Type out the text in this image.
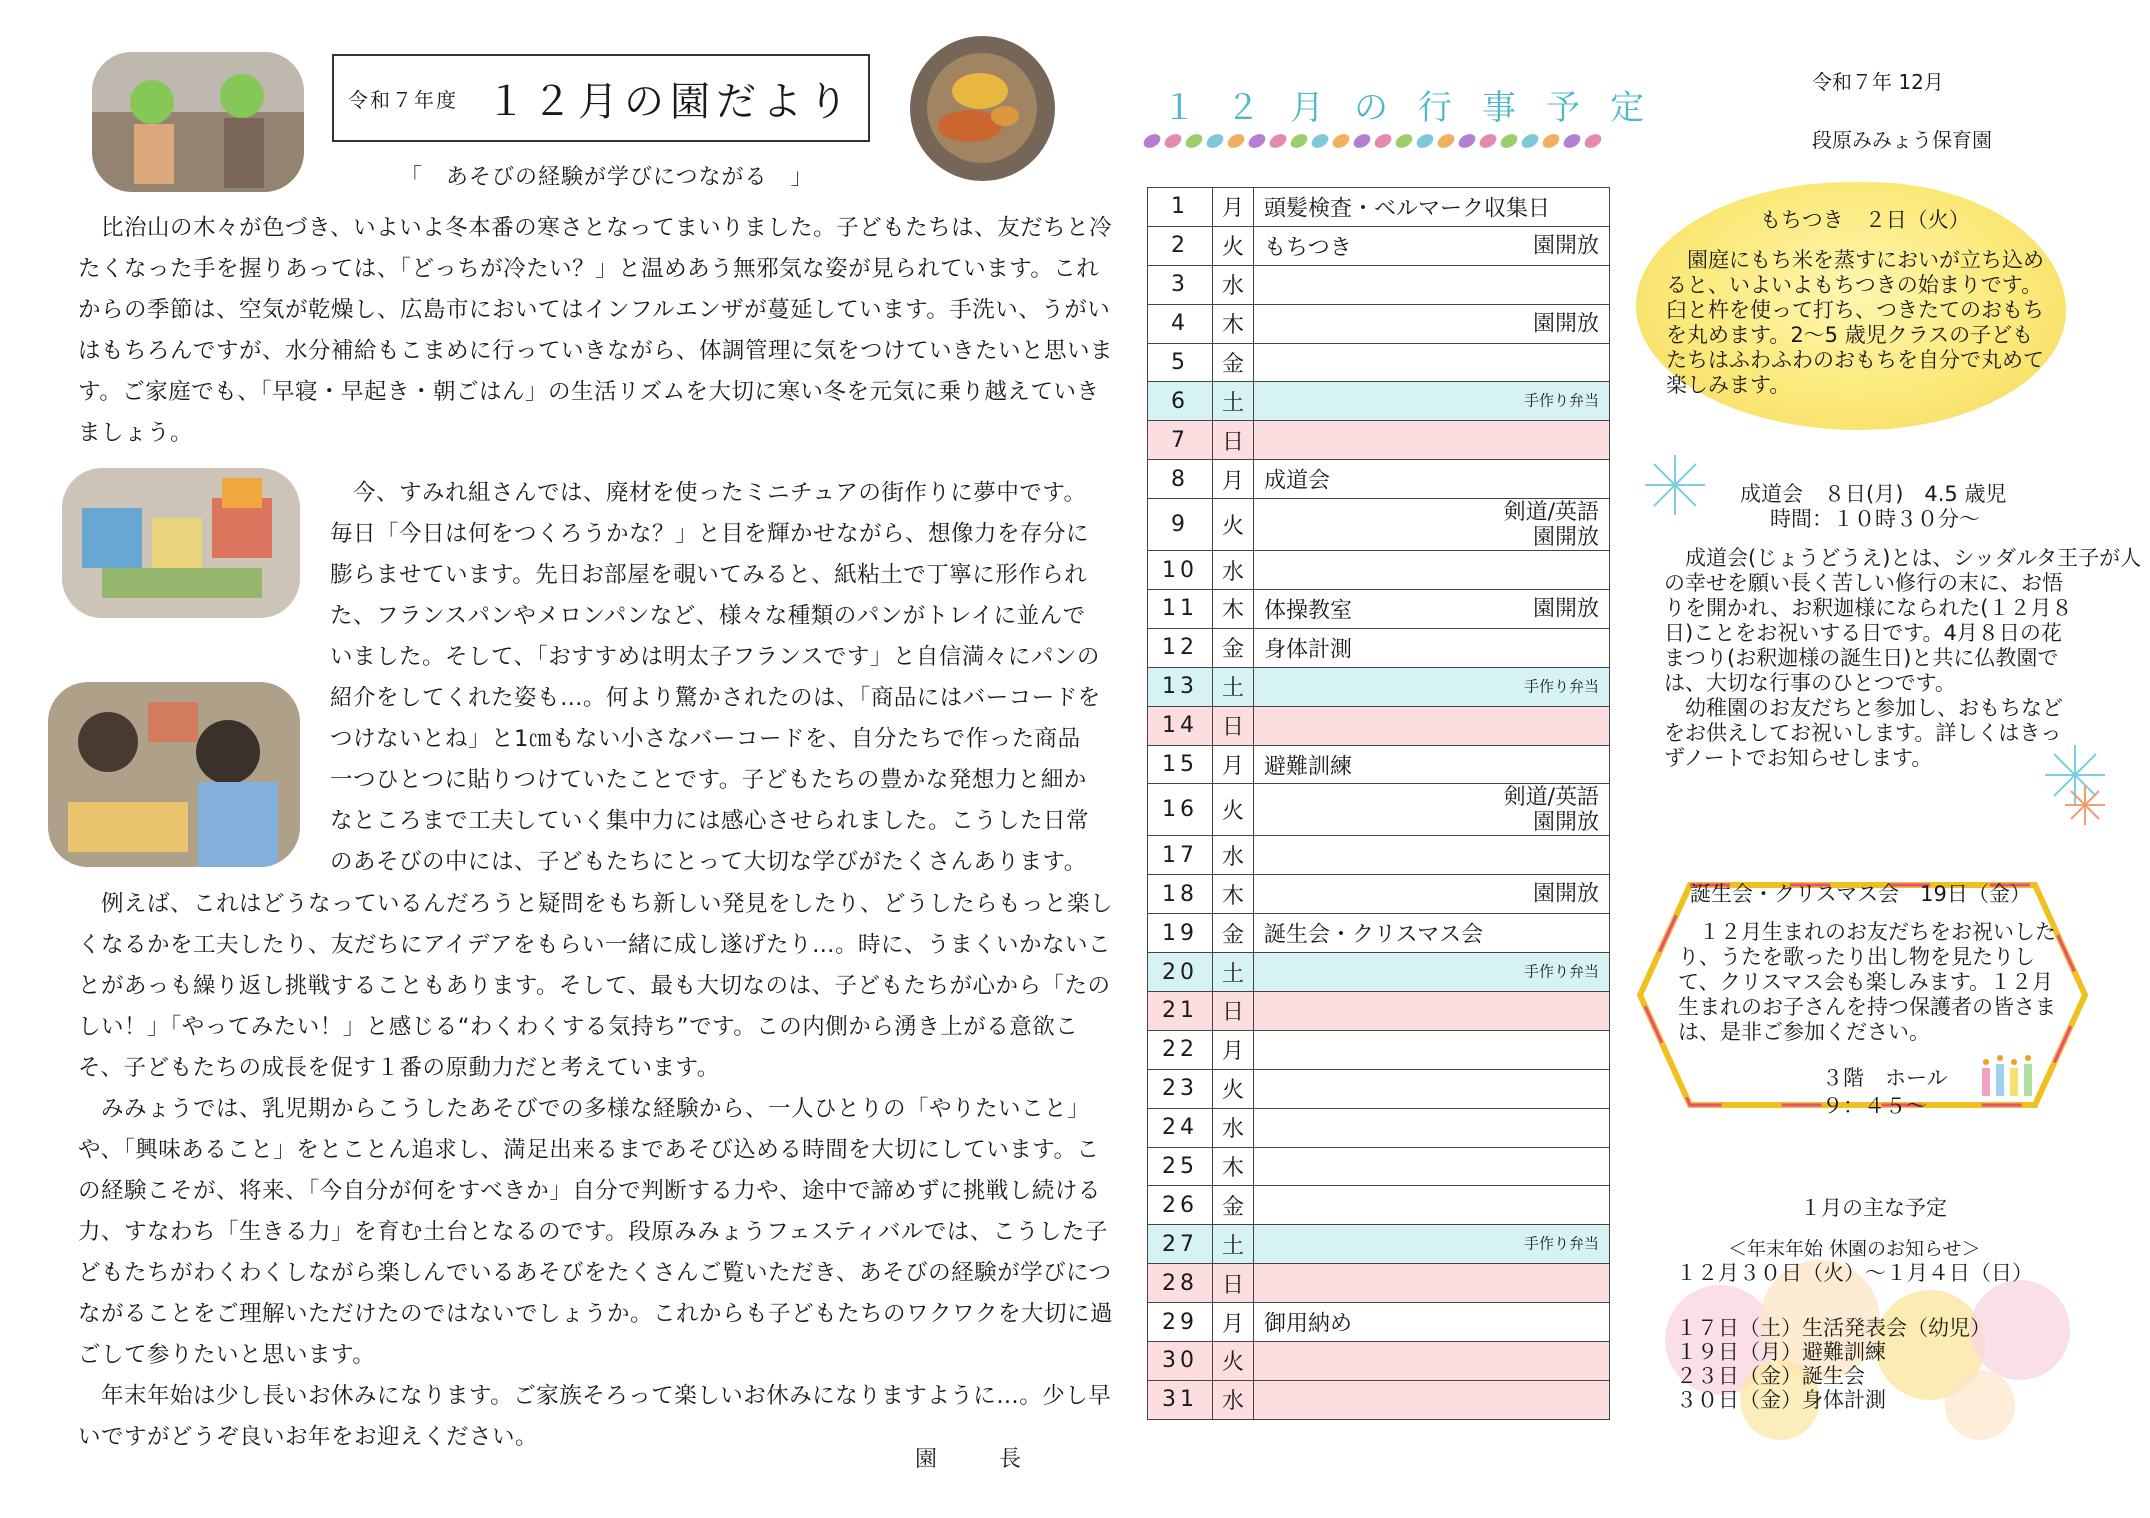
令和７年度 １２月の園だより
「　あそびの経験が学びにつながる　」
　比治山の木々が色づき、いよいよ冬本番の寒さとなってまいりました。子どもたちは、友だちと冷
たくなった手を握りあっては、「どっちが冷たい？」と温めあう無邪気な姿が見られています。これ
からの季節は、空気が乾燥し、広島市においてはインフルエンザが蔓延しています。手洗い、うがい
はもちろんですが、水分補給もこまめに行っていきながら、体調管理に気をつけていきたいと思いま
す。ご家庭でも、「早寝・早起き・朝ごはん」の生活リズムを大切に寒い冬を元気に乗り越えていき
ましょう。
　今、すみれ組さんでは、廃材を使ったミニチュアの街作りに夢中です。
毎日「今日は何をつくろうかな？」と目を輝かせながら、想像力を存分に
膨らませています。先日お部屋を覗いてみると、紙粘土で丁寧に形作られ
た、フランスパンやメロンパンなど、様々な種類のパンがトレイに並んで
いました。そして、「おすすめは明太子フランスです」と自信満々にパンの
紹介をしてくれた姿も…。何より驚かされたのは、「商品にはバーコードを
つけないとね」と1㎝もない小さなバーコードを、自分たちで作った商品
一つひとつに貼りつけていたことです。子どもたちの豊かな発想力と細か
なところまで工夫していく集中力には感心させられました。こうした日常
のあそびの中には、子どもたちにとって大切な学びがたくさんあります。
　例えば、これはどうなっているんだろうと疑問をもち新しい発見をしたり、どうしたらもっと楽し
くなるかを工夫したり、友だちにアイデアをもらい一緒に成し遂げたり…。時に、うまくいかないこ
とがあっも繰り返し挑戦することもあります。そして、最も大切なのは、子どもたちが心から「たの
しい！」「やってみたい！」と感じる“わくわくする気持ち”です。この内側から湧き上がる意欲こ
そ、子どもたちの成長を促す１番の原動力だと考えています。
　みみょうでは、乳児期からこうしたあそびでの多様な経験から、一人ひとりの「やりたいこと」
や、「興味あること」をとことん追求し、満足出来るまであそび込める時間を大切にしています。こ
の経験こそが、将来、「今自分が何をすべきか」自分で判断する力や、途中で諦めずに挑戦し続ける
力、すなわち「生きる力」を育む土台となるのです。段原みみょうフェスティバルでは、こうした子
どもたちがわくわくしながら楽しんでいるあそびをたくさんご覧いただき、あそびの経験が学びにつ
ながることをご理解いただけたのではないでしょうか。これからも子どもたちのワクワクを大切に過
ごして参りたいと思います。
　年末年始は少し長いお休みになります。ご家族そろって楽しいお休みになりますように…。少し早
いですがどうぞ良いお年をお迎えください。
園　長
１２月の行事予定
1	月	頭髪検査・ベルマーク収集日

2	火	もちつき 園開放

3	水	
4	木	園開放

5	金	
6	土	手作り弁当

7	日	
8	月	成道会

9	火	剣道/英語
園開放

10	水	
11	木	体操教室 園開放

12	金	身体計測

13	土	手作り弁当

14	日	
15	月	避難訓練

16	火	剣道/英語
園開放

17	水	
18	木	園開放

19	金	誕生会・クリスマス会

20	土	手作り弁当

21	日	
22	月	
23	火	
24	水	
25	木	
26	金	
27	土	手作り弁当

28	日	
29	月	御用納め

30	火	
31	水	
令和７年 12月
段原みみょう保育園
もちつき　２日（火）
　園庭にもち米を蒸すにおいが立ち込め
ると、いよいよもちつきの始まりです。
臼と杵を使って打ち、つきたてのおもち
を丸めます。2～5 歳児クラスの子ども
たちはふわふわのおもちを自分で丸めて
楽しみます。
成道会　８日(月)　4.5 歳児
時間：１０時３０分～
　成道会(じょうどうえ)とは、シッダルタ王子が人
の幸せを願い長く苦しい修行の末に、お悟
りを開かれ、お釈迦様になられた(１２月８
日)ことをお祝いする日です。4月８日の花
まつり(お釈迦様の誕生日)と共に仏教園で
は、大切な行事のひとつです。
　幼稚園のお友だちと参加し、おもちなど
をお供えしてお祝いします。詳しくはきっ
ずノートでお知らせします。
誕生会・クリスマス会　19日（金）
　１２月生まれのお友だちをお祝いした
り、うたを歌ったり出し物を見たりし
て、クリスマス会も楽しみます。１２月
生まれのお子さんを持つ保護者の皆さま
は、是非ご参加ください。
３階　ホール
９：４５～
１月の主な予定
＜年末年始 休園のお知らせ＞
１２月３０日（火）～１月４日（日）
１７日（土）生活発表会（幼児）
１９日（月）避難訓練
２３日（金）誕生会
３０日（金）身体計測
